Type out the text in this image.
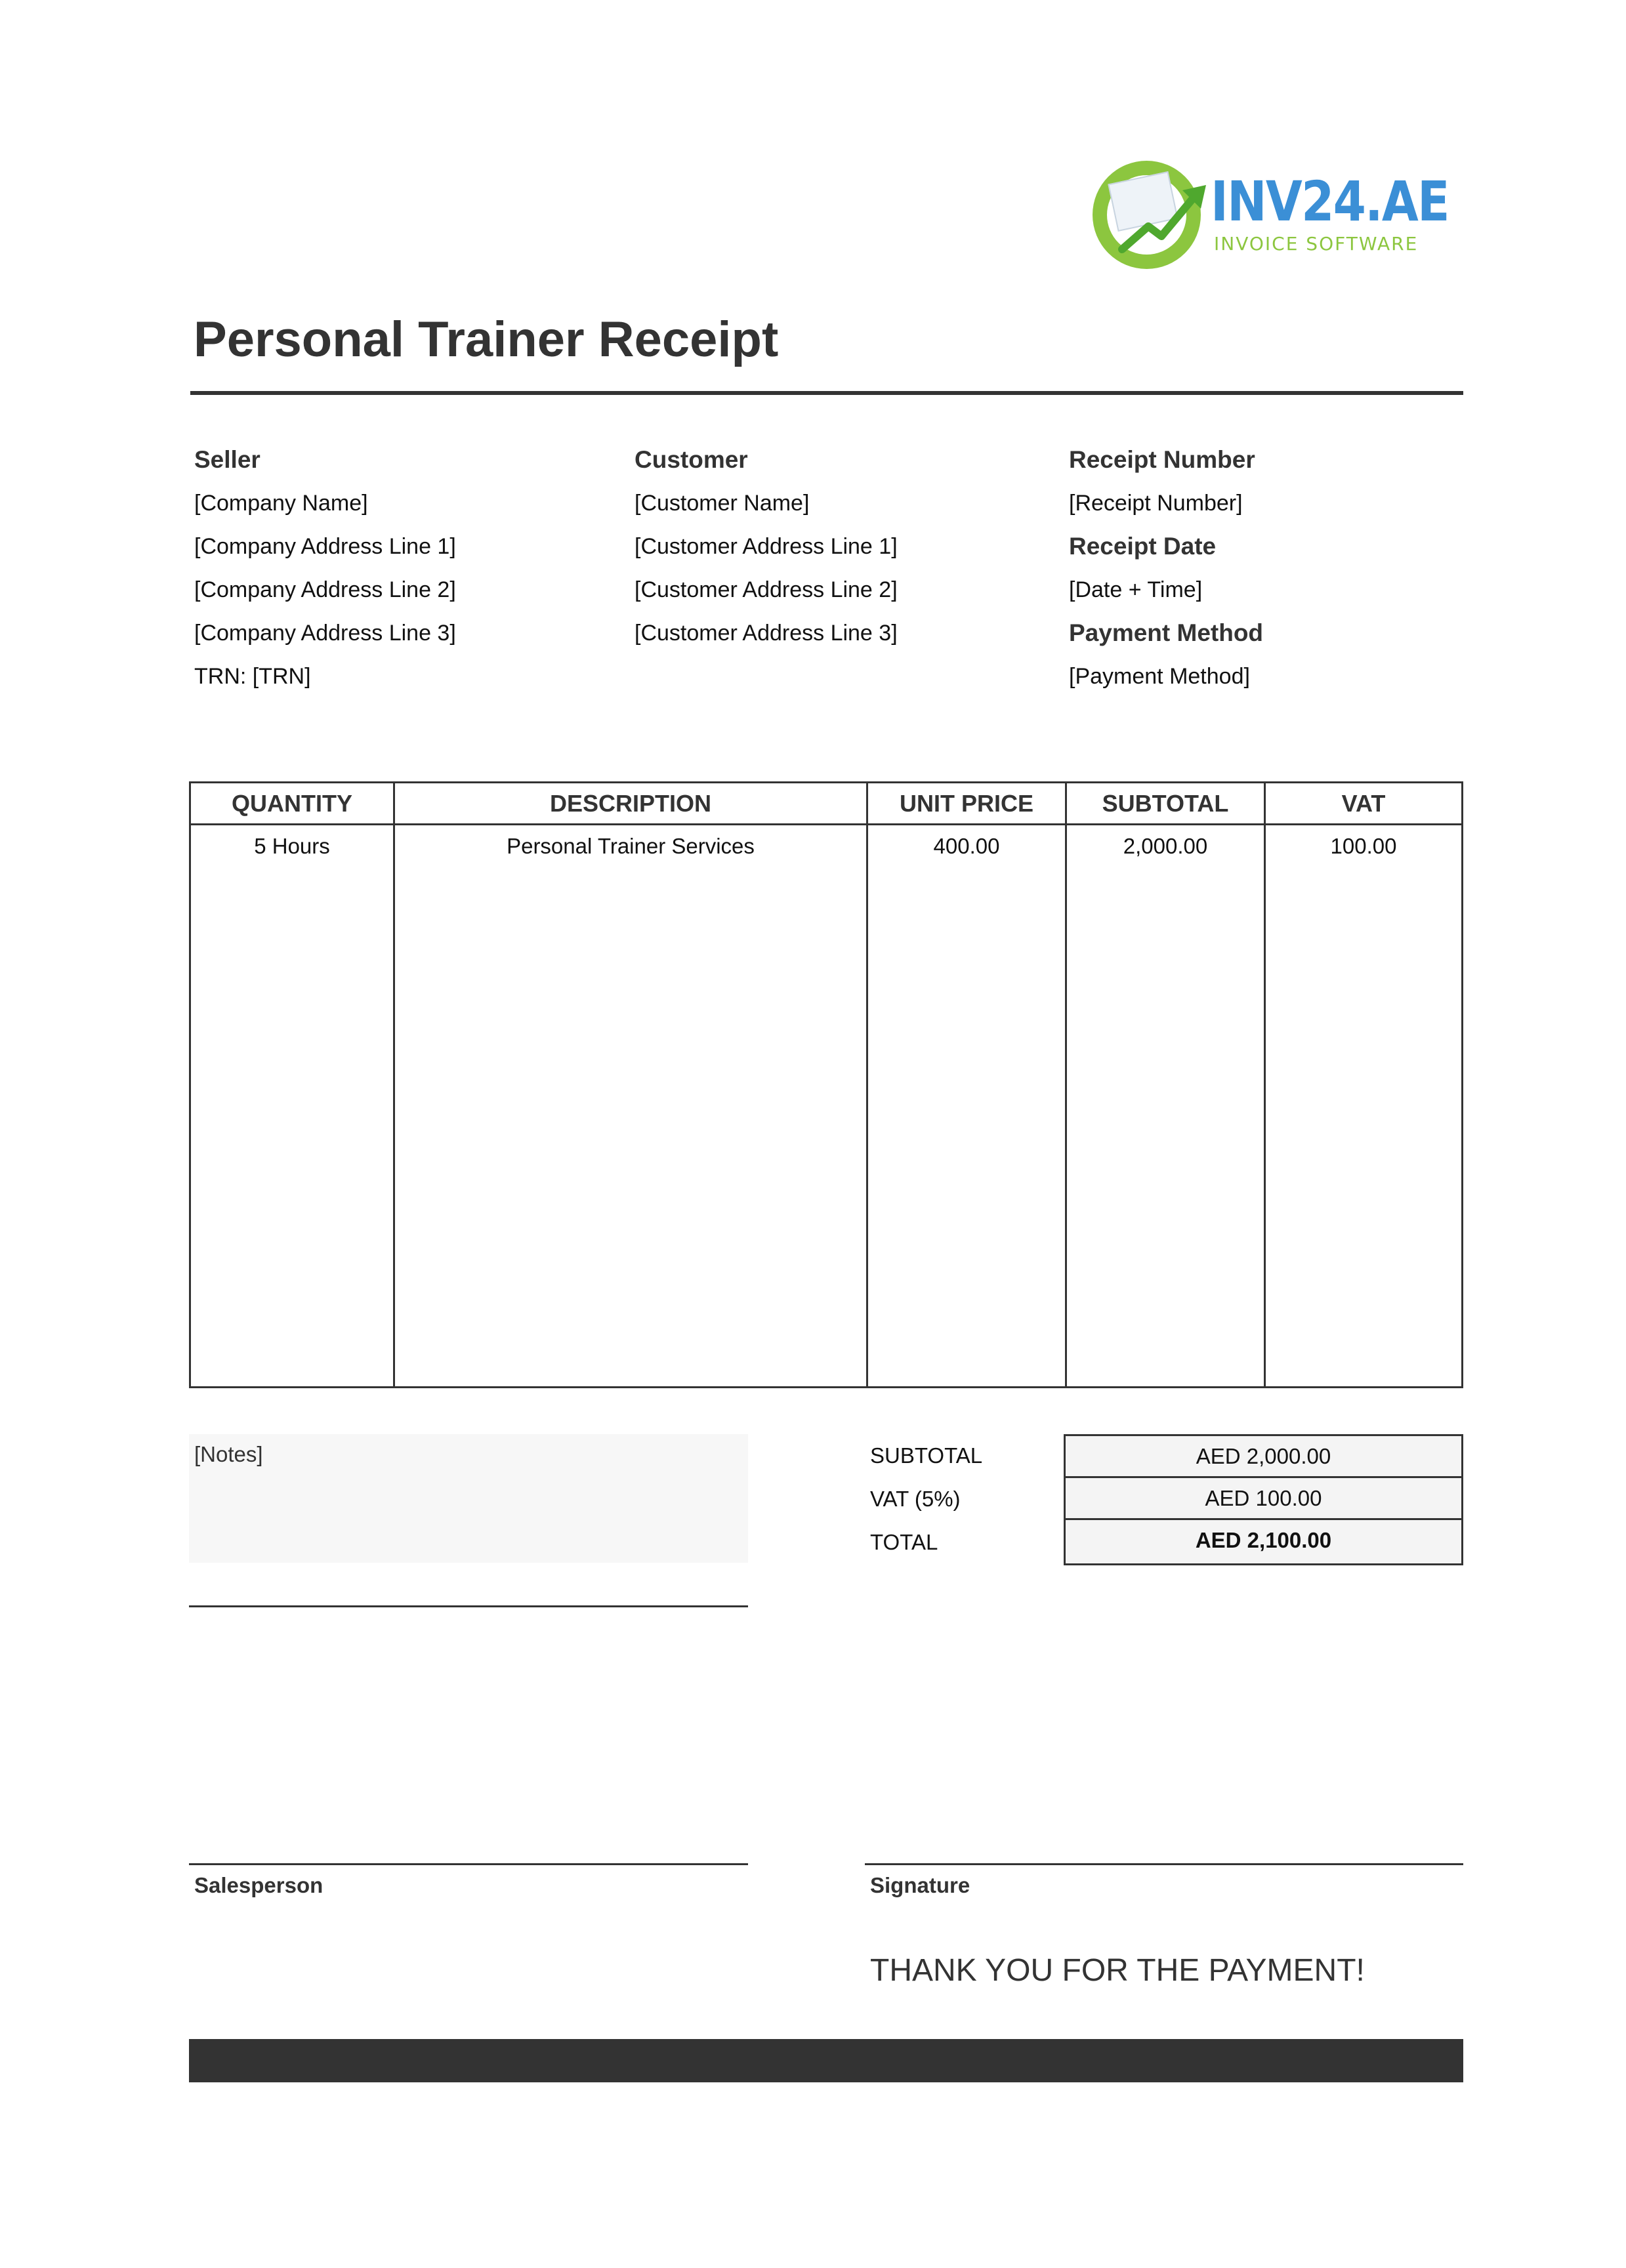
INV24.AE
INVOICE SOFTWARE
Personal Trainer Receipt
Seller
[Company Name]
[Company Address Line 1]
[Company Address Line 2]
[Company Address Line 3]
TRN: [TRN]
Customer
[Customer Name]
[Customer Address Line 1]
[Customer Address Line 2]
[Customer Address Line 3]
Receipt Number
[Receipt Number]
Receipt Date
[Date + Time]
Payment Method
[Payment Method]
QUANTITY
5 Hours
DESCRIPTION
Personal Trainer Services
UNIT PRICE
400.00
SUBTOTAL
2,000.00
VAT
100.00
[Notes]	SUBTOTAL
VAT (5%)
TOTAL
AED 2,000.00
AED 100.00
AED 2,100.00
Salesperson	Signature
THANK YOU FOR THE PAYMENT!
